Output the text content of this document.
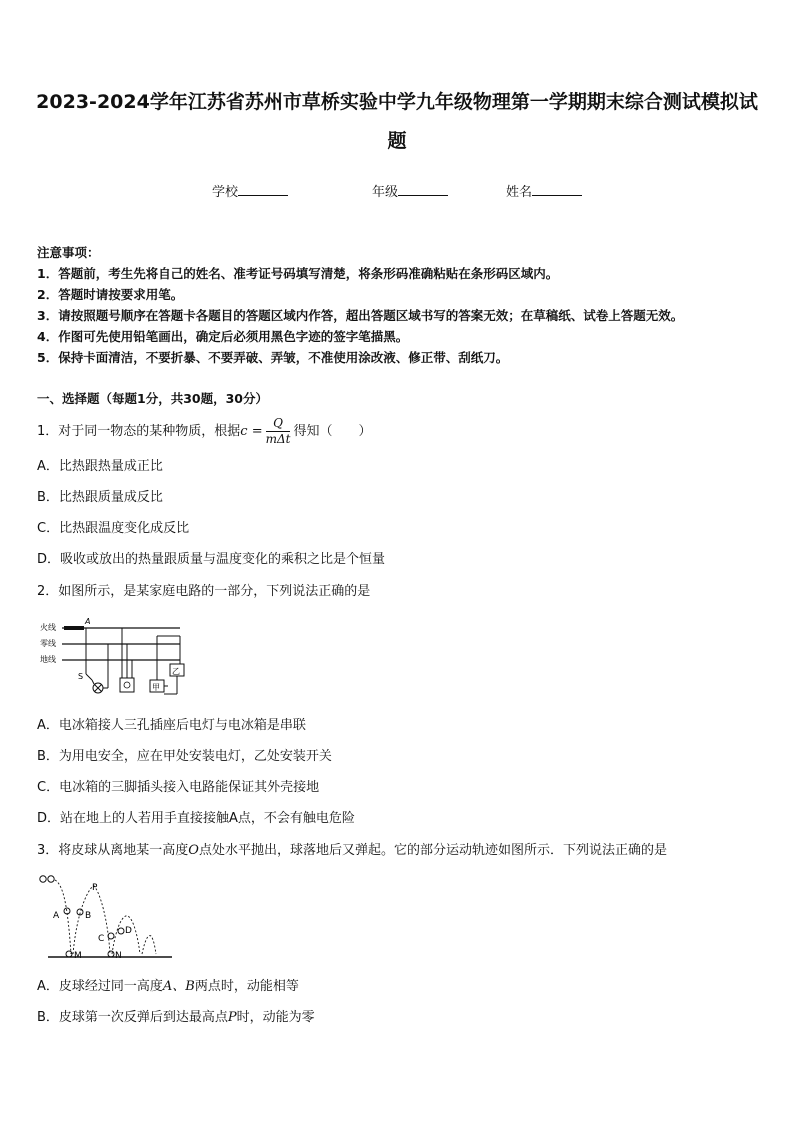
2023-2024学年江苏省苏州市草桥实验中学九年级物理第一学期期末综合测试模拟试
题
学校	年级	姓名
注意事项：
1．答题前，考生先将自己的姓名、准考证号码填写清楚，将条形码准确粘贴在条形码区域内。
2．答题时请按要求用笔。
3．请按照题号顺序在答题卡各题目的答题区域内作答，超出答题区域书写的答案无效；在草稿纸、试卷上答题无效。
4．作图可先使用铅笔画出，确定后必须用黑色字迹的签字笔描黑。
5．保持卡面清洁，不要折暴、不要弄破、弄皱，不准使用涂改液、修正带、刮纸刀。
一、选择题（每题1分，共30题，30分）
1．对于同一物态的某种物质，根据$c = \frac{Q}{\text{mΔt}}$ 得知（　　）
A．比热跟热量成正比
B．比热跟质量成反比
C．比热跟温度变化成反比
D．吸收或放出的热量跟质量与温度变化的乘积之比是个恒量
2．如图所示，是某家庭电路的一部分，下列说法正确的是
火线
零线
地线
A
S
甲
乙
A．电冰箱接人三孔插座后电灯与电冰箱是串联
B．为用电安全，应在甲处安装电灯，乙处安装开关
C．电冰箱的三脚插头接入电路能保证其外壳接地
D．站在地上的人若用手直接接触A点，不会有触电危险
3．将皮球从离地某一高度O点处水平抛出，球落地后又弹起。它的部分运动轨迹如图所示．下列说法正确的是
P
A	B
C
D
M	N
A．皮球经过同一高度A、B两点时，动能相等
B．皮球第一次反弹后到达最高点P时，动能为零
